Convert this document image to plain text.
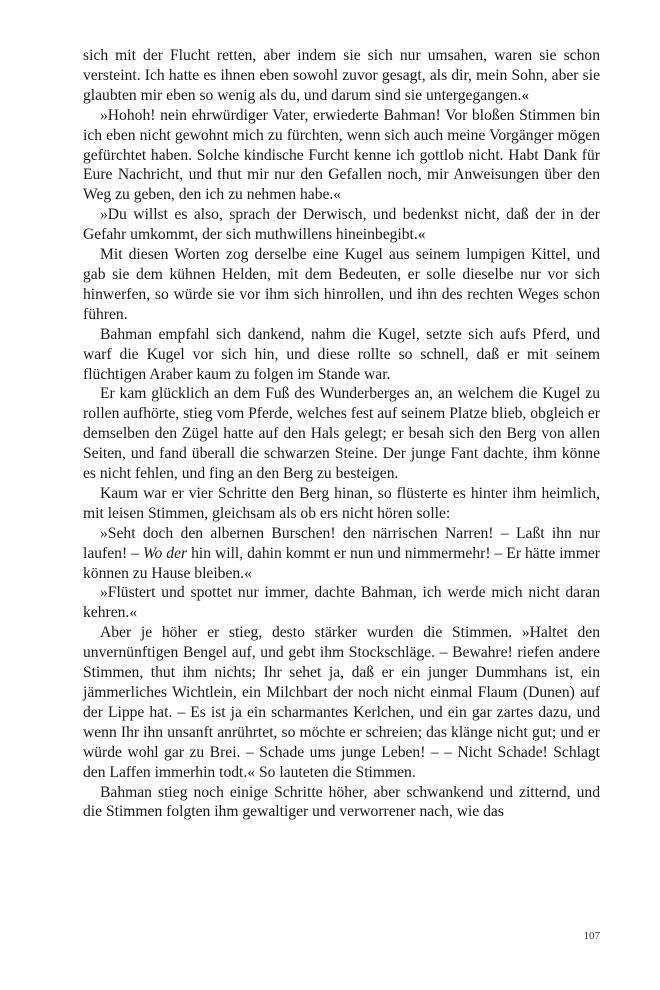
sich mit der Flucht retten, aber indem sie sich nur umsahen, waren sie schon versteint. Ich hatte es ihnen eben sowohl zuvor gesagt, als dir, mein Sohn, aber sie glaubten mir eben so wenig als du, und darum sind sie untergegangen.«

»Hohoh! nein ehrwürdiger Vater, erwiederte Bahman! Vor bloßen Stimmen bin ich eben nicht gewohnt mich zu fürchten, wenn sich auch meine Vorgänger mögen gefürchtet haben. Solche kindische Furcht kenne ich gottlob nicht. Habt Dank für Eure Nachricht, und thut mir nur den Gefallen noch, mir Anweisungen über den Weg zu geben, den ich zu nehmen habe.«

»Du willst es also, sprach der Derwisch, und bedenkst nicht, daß der in der Gefahr umkommt, der sich muthwillens hineinbegibt.«

Mit diesen Worten zog derselbe eine Kugel aus seinem lumpigen Kittel, und gab sie dem kühnen Helden, mit dem Bedeuten, er solle dieselbe nur vor sich hinwerfen, so würde sie vor ihm sich hinrollen, und ihn des rechten Weges schon führen.

Bahman empfahl sich dankend, nahm die Kugel, setzte sich aufs Pferd, und warf die Kugel vor sich hin, und diese rollte so schnell, daß er mit seinem flüchtigen Araber kaum zu folgen im Stande war.

Er kam glücklich an dem Fuß des Wunderberges an, an welchem die Kugel zu rollen aufhörte, stieg vom Pferde, welches fest auf seinem Platze blieb, obgleich er demselben den Zügel hatte auf den Hals gelegt; er besah sich den Berg von allen Seiten, und fand überall die schwarzen Steine. Der junge Fant dachte, ihm könne es nicht fehlen, und fing an den Berg zu besteigen.

Kaum war er vier Schritte den Berg hinan, so flüsterte es hinter ihm heimlich, mit leisen Stimmen, gleichsam als ob ers nicht hören solle:

»Seht doch den albernen Burschen! den närrischen Narren! – Laßt ihn nur laufen! – Wo der hin will, dahin kommt er nun und nimmermehr! – Er hätte immer können zu Hause bleiben.«

»Flüstert und spottet nur immer, dachte Bahman, ich werde mich nicht daran kehren.«

Aber je höher er stieg, desto stärker wurden die Stimmen. »Haltet den unvernünftigen Bengel auf, und gebt ihm Stockschläge. – Bewahre! riefen andere Stimmen, thut ihm nichts; Ihr sehet ja, daß er ein junger Dummhans ist, ein jämmerliches Wichtlein, ein Milchbart der noch nicht einmal Flaum (Dunen) auf der Lippe hat. – Es ist ja ein scharmantes Kerlchen, und ein gar zartes dazu, und wenn Ihr ihn unsanft anrührtet, so möchte er schreien; das klänge nicht gut; und er würde wohl gar zu Brei. – Schade ums junge Leben! – – Nicht Schade! Schlagt den Laffen immerhin todt.« So lauteten die Stimmen.

Bahman stieg noch einige Schritte höher, aber schwankend und zitternd, und die Stimmen folgten ihm gewaltiger und verworrener nach, wie das

107
